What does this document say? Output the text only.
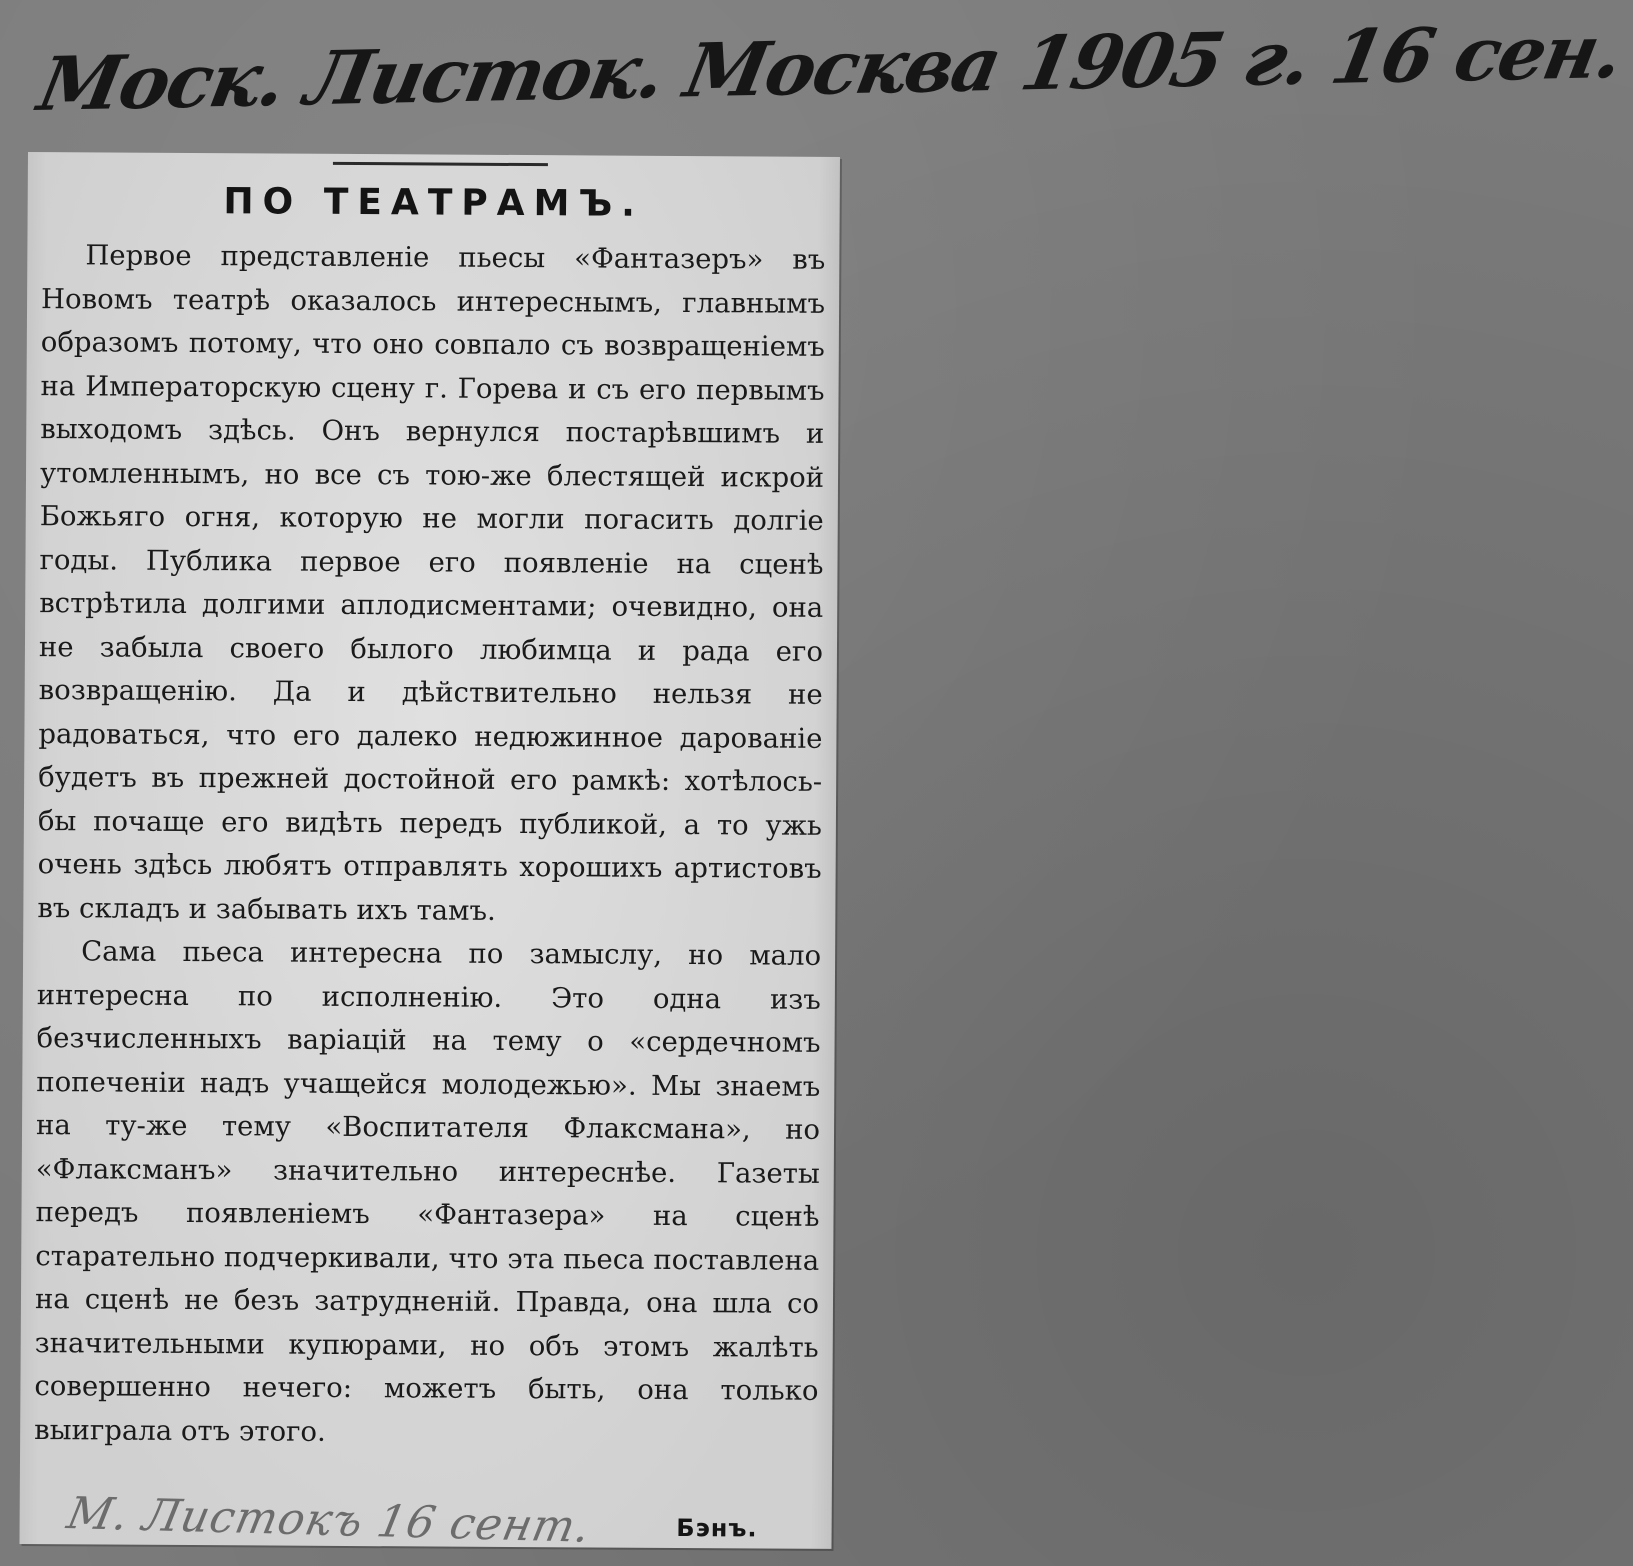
Моск. Листок. Москва 1905 г. 16 сен.
ПО ТЕАТРАМЪ.

Первое представленіе пьесы «Фантазеръ» въ Новомъ театрѣ оказалось интереснымъ, главнымъ образомъ потому, что оно совпало съ возвращеніемъ на Императорскую сцену г. Горева и съ его первымъ выходомъ здѣсь. Онъ вернулся постарѣвшимъ и утомленнымъ, но все съ тою-же блестящей искрой Божьяго огня, которую не могли погасить долгіе годы. Публика первое его появленіе на сценѣ встрѣтила долгими аплодисментами; очевидно, она не забыла своего былого любимца и рада его возвращенію. Да и дѣйствительно нельзя не радоваться, что его далеко недюжинное дарованіе будетъ въ прежней достойной его рамкѣ: хотѣлось-бы почаще его видѣть передъ публикой, а то ужь очень здѣсь любятъ отправлять хорошихъ артистовъ въ складъ и забывать ихъ тамъ.

Сама пьеса интересна по замыслу, но мало интересна по исполненію. Это одна изъ безчисленныхъ варіацій на тему о «сердечномъ попеченіи надъ учащейся молодежью». Мы знаемъ на ту-же тему «Воспитателя Флаксмана», но «Флаксманъ» значительно интереснѣе. Газеты передъ появленіемъ «Фантазера» на сценѣ старательно подчеркивали, что эта пьеса поставлена на сценѣ не безъ затрудненій. Правда, она шла со значительными купюрами, но объ этомъ жалѣть совершенно нечего: можетъ быть, она только выиграла отъ этого.

Бэнъ.
М. Листокъ 16 сент.
